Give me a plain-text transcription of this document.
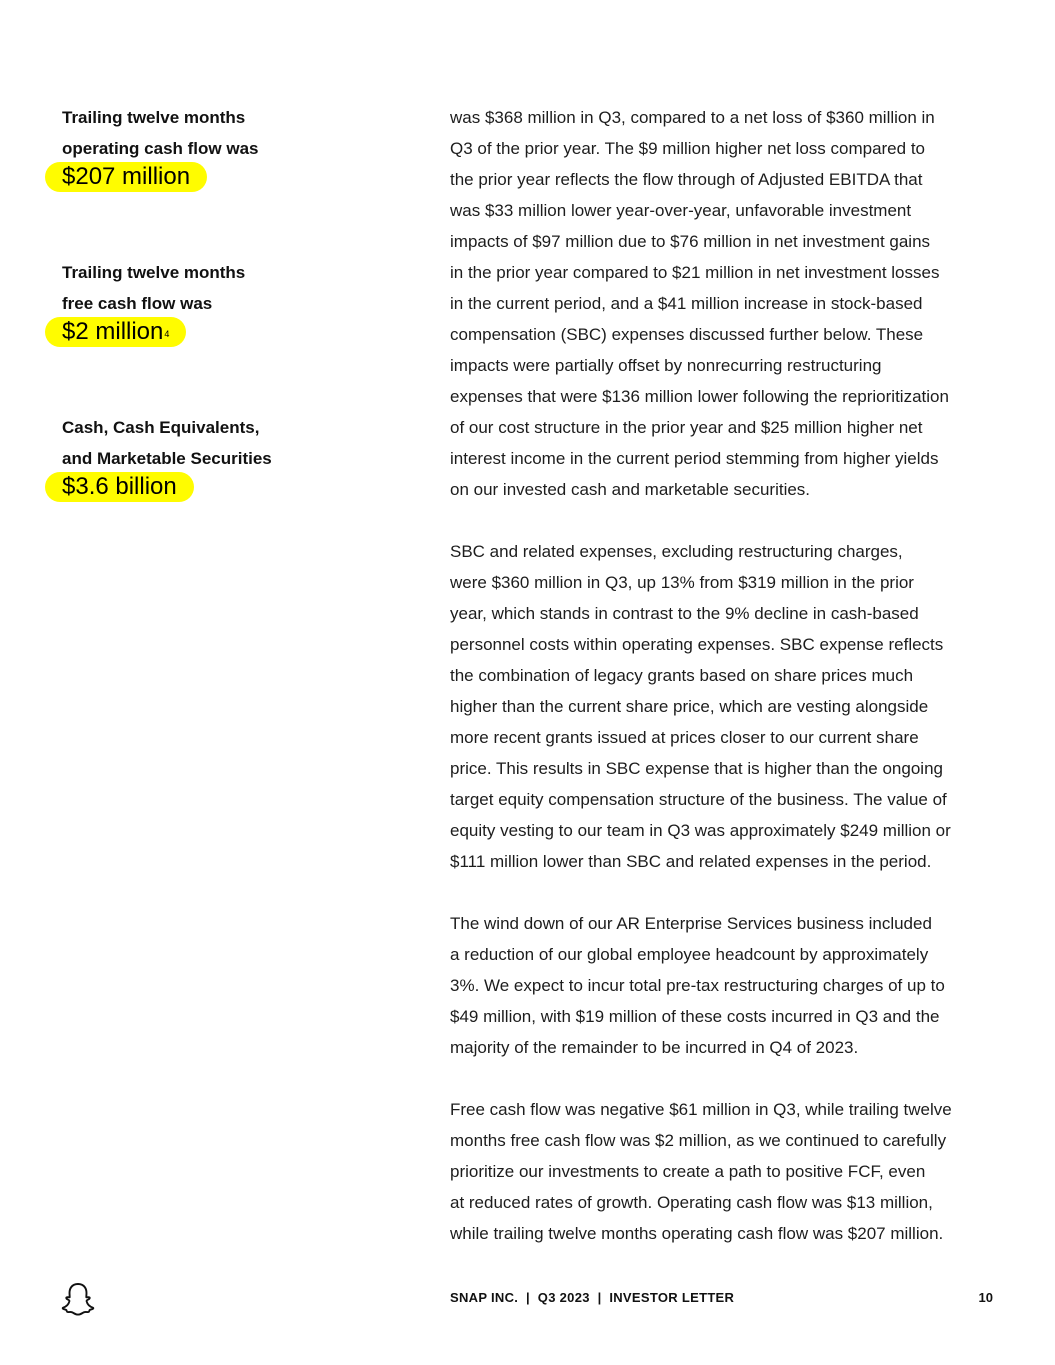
Trailing twelve months
operating cash flow was
$207 million
Trailing twelve months
free cash flow was
$2 million$^4$
Cash, Cash Equivalents,
and Marketable Securities
$3.6 billion
was $368 million in Q3, compared to a net loss of $360 million in
Q3 of the prior year. The $9 million higher net loss compared to
the prior year reflects the flow through of Adjusted EBITDA that
was $33 million lower year-over-year, unfavorable investment
impacts of $97 million due to $76 million in net investment gains
in the prior year compared to $21 million in net investment losses
in the current period, and a $41 million increase in stock-based
compensation (SBC) expenses discussed further below. These
impacts were partially offset by nonrecurring restructuring
expenses that were $136 million lower following the reprioritization
of our cost structure in the prior year and $25 million higher net
interest income in the current period stemming from higher yields
on our invested cash and marketable securities.
SBC and related expenses, excluding restructuring charges,
were $360 million in Q3, up 13% from $319 million in the prior
year, which stands in contrast to the 9% decline in cash-based
personnel costs within operating expenses. SBC expense reflects
the combination of legacy grants based on share prices much
higher than the current share price, which are vesting alongside
more recent grants issued at prices closer to our current share
price. This results in SBC expense that is higher than the ongoing
target equity compensation structure of the business. The value of
equity vesting to our team in Q3 was approximately $249 million or
$111 million lower than SBC and related expenses in the period.
The wind down of our AR Enterprise Services business included
a reduction of our global employee headcount by approximately
3%. We expect to incur total pre-tax restructuring charges of up to
$49 million, with $19 million of these costs incurred in Q3 and the
majority of the remainder to be incurred in Q4 of 2023.
Free cash flow was negative $61 million in Q3, while trailing twelve
months free cash flow was $2 million, as we continued to carefully
prioritize our investments to create a path to positive FCF, even
at reduced rates of growth. Operating cash flow was $13 million,
while trailing twelve months operating cash flow was $207 million.
SNAP INC.  |  Q3 2023  |  INVESTOR LETTER	10
